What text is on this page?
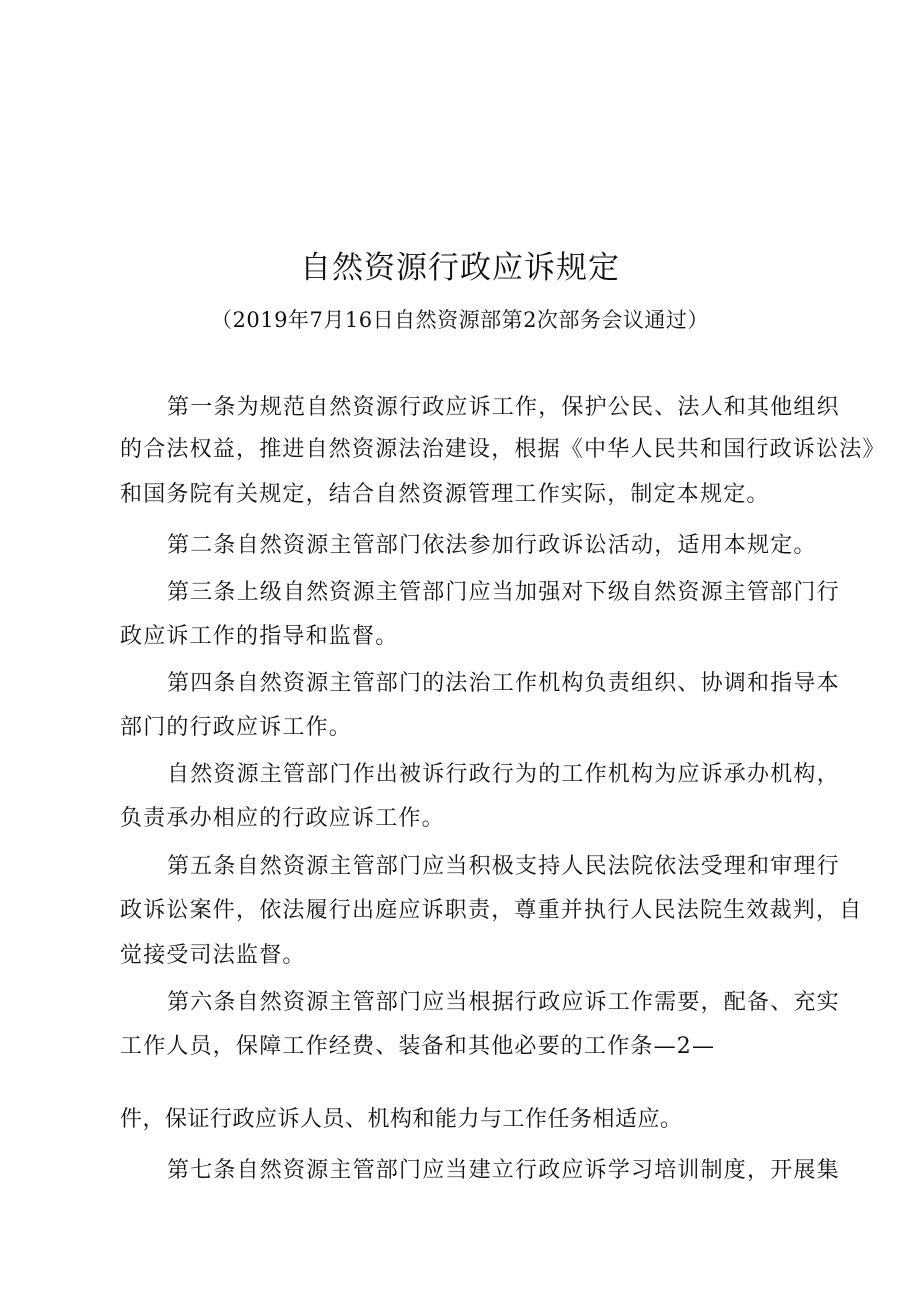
自然资源行政应诉规定
（2019年7月16日自然资源部第2次部务会议通过）
第一条为规范自然资源行政应诉工作，保护公民、法人和其他组织
的合法权益，推进自然资源法治建设，根据《中华人民共和国行政诉讼法》
和国务院有关规定，结合自然资源管理工作实际，制定本规定。
第二条自然资源主管部门依法参加行政诉讼活动，适用本规定。
第三条上级自然资源主管部门应当加强对下级自然资源主管部门行
政应诉工作的指导和监督。
第四条自然资源主管部门的法治工作机构负责组织、协调和指导本
部门的行政应诉工作。
自然资源主管部门作出被诉行政行为的工作机构为应诉承办机构，
负责承办相应的行政应诉工作。
第五条自然资源主管部门应当积极支持人民法院依法受理和审理行
政诉讼案件，依法履行出庭应诉职责，尊重并执行人民法院生效裁判，自
觉接受司法监督。
第六条自然资源主管部门应当根据行政应诉工作需要，配备、充实
工作人员，保障工作经费、装备和其他必要的工作条—2—
件，保证行政应诉人员、机构和能力与工作任务相适应。
第七条自然资源主管部门应当建立行政应诉学习培训制度，开展集
